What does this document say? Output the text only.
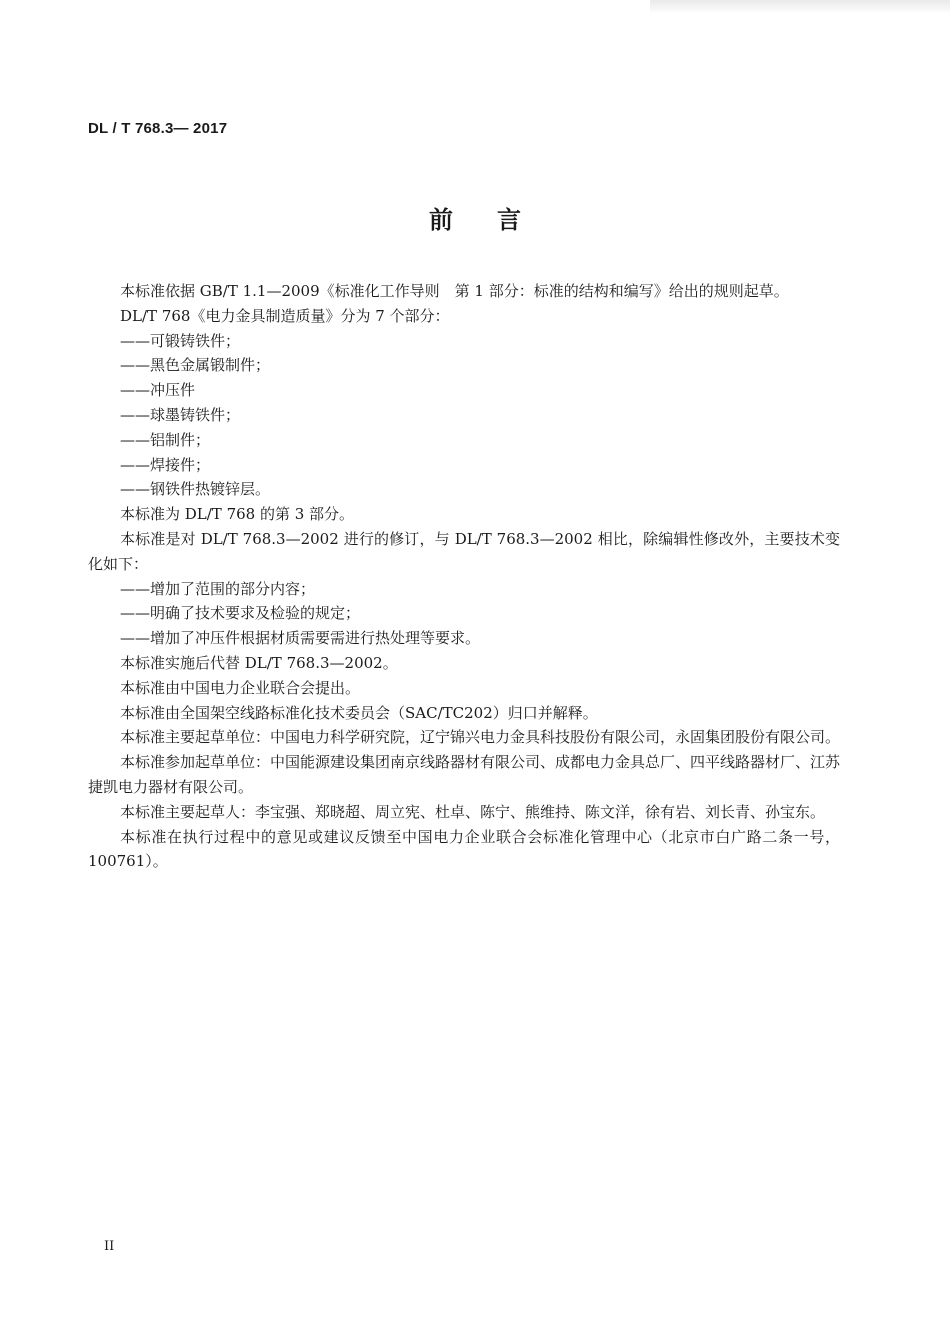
DL / T 768.3— 2017
前言

本标准依据 GB/T 1.1—2009《标准化工作导则　第 1 部分：标准的结构和编写》给出的规则起草。

DL/T 768《电力金具制造质量》分为 7 个部分：

——可锻铸铁件；

——黑色金属锻制件；

——冲压件

——球墨铸铁件；

——铝制件；

——焊接件；

——钢铁件热镀锌层。

本标准为 DL/T 768 的第 3 部分。

本标准是对 DL/T 768.3—2002 进行的修订，与 DL/T 768.3—2002 相比，除编辑性修改外，主要技术变化如下：

——增加了范围的部分内容；

——明确了技术要求及检验的规定；

——增加了冲压件根据材质需要需进行热处理等要求。

本标准实施后代替 DL/T 768.3—2002。

本标准由中国电力企业联合会提出。

本标准由全国架空线路标准化技术委员会（SAC/TC202）归口并解释。

本标准主要起草单位：中国电力科学研究院，辽宁锦兴电力金具科技股份有限公司，永固集团股份有限公司。

本标准参加起草单位：中国能源建设集团南京线路器材有限公司、成都电力金具总厂、四平线路器材厂、江苏捷凯电力器材有限公司。

本标准主要起草人：李宝强、郑晓超、周立宪、杜卓、陈宁、熊维持、陈文洋，徐有岩、刘长青、孙宝东。

本标准在执行过程中的意见或建议反馈至中国电力企业联合会标准化管理中心（北京市白广路二条一号，100761）。

II
